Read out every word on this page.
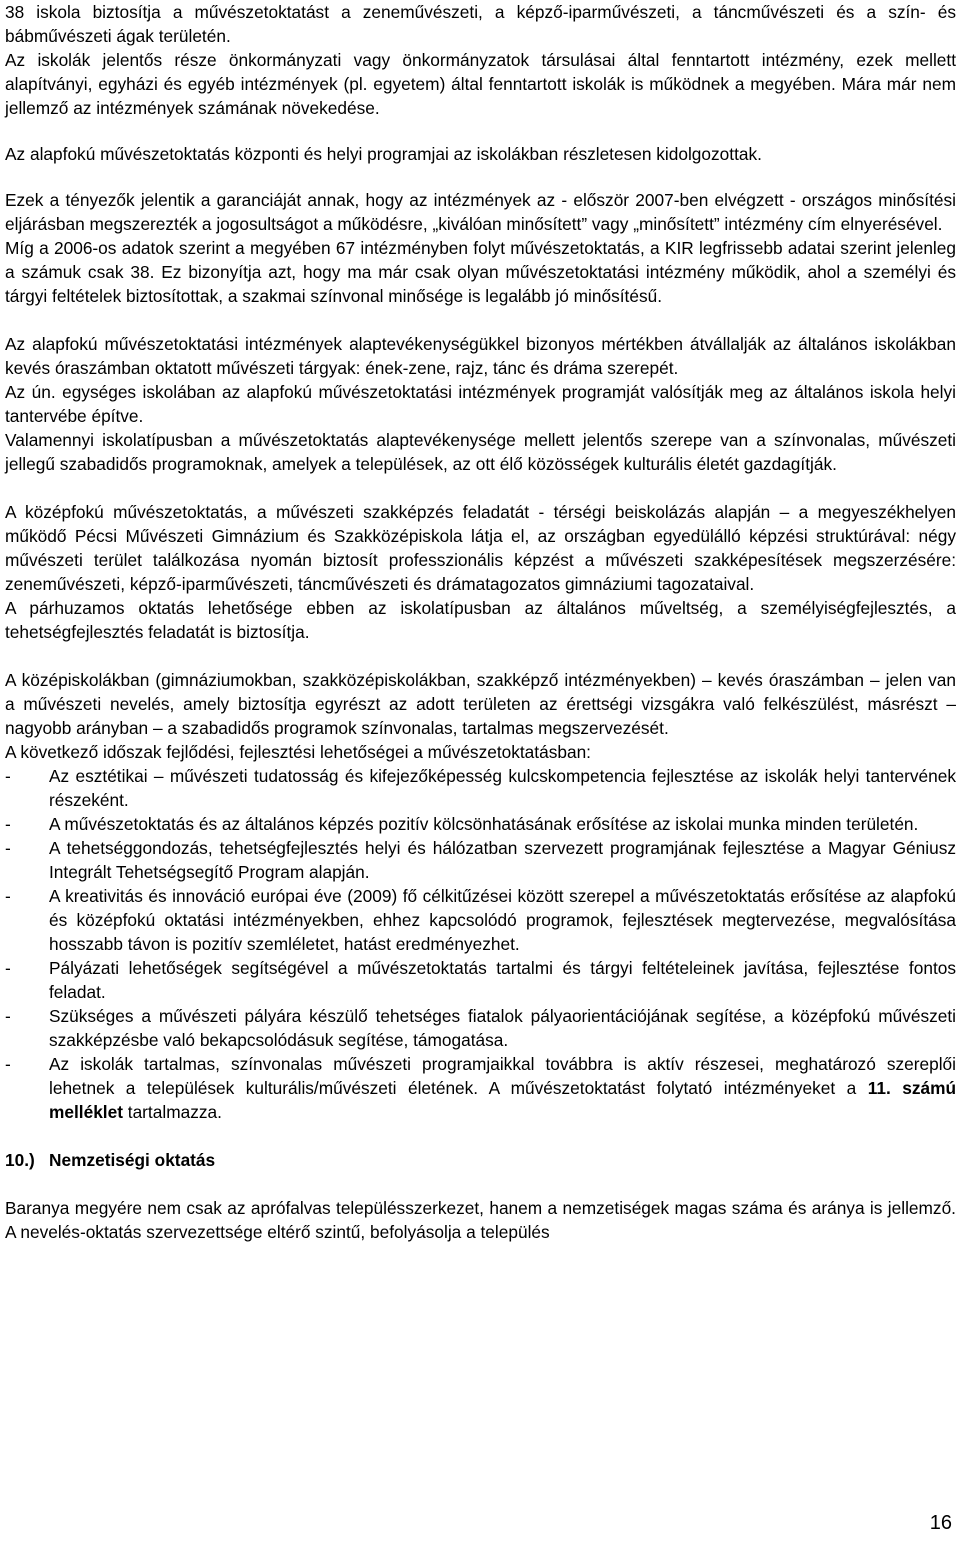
38 iskola biztosítja a művészetoktatást a zeneművészeti, a képző-iparművészeti, a táncművészeti és a szín- és bábművészeti ágak területén.

Az iskolák jelentős része önkormányzati vagy önkormányzatok társulásai által fenntartott intézmény, ezek mellett alapítványi, egyházi és egyéb intézmények (pl. egyetem) által fenntartott iskolák is működnek a megyében. Mára már nem jellemző az intézmények számának növekedése.

Az alapfokú művészetoktatás központi és helyi programjai az iskolákban részletesen kidolgozottak.

Ezek a tényezők jelentik a garanciáját annak, hogy az intézmények az - először 2007-ben elvégzett - országos minősítési eljárásban megszerezték a jogosultságot a működésre, „kiválóan minősített” vagy „minősített” intézmény cím elnyerésével.

Míg a 2006-os adatok szerint a megyében 67 intézményben folyt művészetoktatás, a KIR legfrissebb adatai szerint jelenleg a számuk csak 38. Ez bizonyítja azt, hogy ma már csak olyan művészetoktatási intézmény működik, ahol a személyi és tárgyi feltételek biztosítottak, a szakmai színvonal minősége is legalább jó minősítésű.

Az alapfokú művészetoktatási intézmények alaptevékenységükkel bizonyos mértékben átvállalják az általános iskolákban kevés óraszámban oktatott művészeti tárgyak: ének-zene, rajz, tánc és dráma szerepét.

Az ún. egységes iskolában az alapfokú művészetoktatási intézmények programját valósítják meg az általános iskola helyi tantervébe építve.

Valamennyi iskolatípusban a művészetoktatás alaptevékenysége mellett jelentős szerepe van a színvonalas, művészeti jellegű szabadidős programoknak, amelyek a települések, az ott élő közösségek kulturális életét gazdagítják.

A középfokú művészetoktatás, a művészeti szakképzés feladatát - térségi beiskolázás alapján – a megyeszékhelyen működő Pécsi Művészeti Gimnázium és Szakközépiskola látja el, az országban egyedülálló képzési struktúrával: négy művészeti terület találkozása nyomán biztosít professzionális képzést a művészeti szakképesítések megszerzésére: zeneművészeti, képző-iparművészeti, táncművészeti és drámatagozatos gimnáziumi tagozataival.

A párhuzamos oktatás lehetősége ebben az iskolatípusban az általános műveltség, a személyiségfejlesztés, a tehetségfejlesztés feladatát is biztosítja.

A középiskolákban (gimnáziumokban, szakközépiskolákban, szakképző intézményekben) – kevés óraszámban – jelen van a művészeti nevelés, amely biztosítja egyrészt az adott területen az érettségi vizsgákra való felkészülést, másrészt – nagyobb arányban – a szabadidős programok színvonalas, tartalmas megszervezését.

A következő időszak fejlődési, fejlesztési lehetőségei a művészetoktatásban:

- Az esztétikai – művészeti tudatosság és kifejezőképesség kulcskompetencia fejlesztése az iskolák helyi tantervének részeként.
- A művészetoktatás és az általános képzés pozitív kölcsönhatásának erősítése az iskolai munka minden területén.
- A tehetséggondozás, tehetségfejlesztés helyi és hálózatban szervezett programjának fejlesztése a Magyar Géniusz Integrált Tehetségsegítő Program alapján.
- A kreativitás és innováció európai éve (2009) fő célkitűzései között szerepel a művészetoktatás erősítése az alapfokú és középfokú oktatási intézményekben, ehhez kapcsolódó programok, fejlesztések megtervezése, megvalósítása hosszabb távon is pozitív szemléletet, hatást eredményezhet.
- Pályázati lehetőségek segítségével a művészetoktatás tartalmi és tárgyi feltételeinek javítása, fejlesztése fontos feladat.
- Szükséges a művészeti pályára készülő tehetséges fiatalok pályaorientációjának segítése, a középfokú művészeti szakképzésbe való bekapcsolódásuk segítése, támogatása.
- Az iskolák tartalmas, színvonalas művészeti programjaikkal továbbra is aktív részesei, meghatározó szereplői lehetnek a települések kulturális/művészeti életének. A művészetoktatást folytató intézményeket a 11. számú melléklet tartalmazza.
10.) Nemzetiségi oktatás

Baranya megyére nem csak az aprófalvas településszerkezet, hanem a nemzetiségek magas száma és aránya is jellemző. A nevelés-oktatás szervezettsége eltérő szintű, befolyásolja a település

16
